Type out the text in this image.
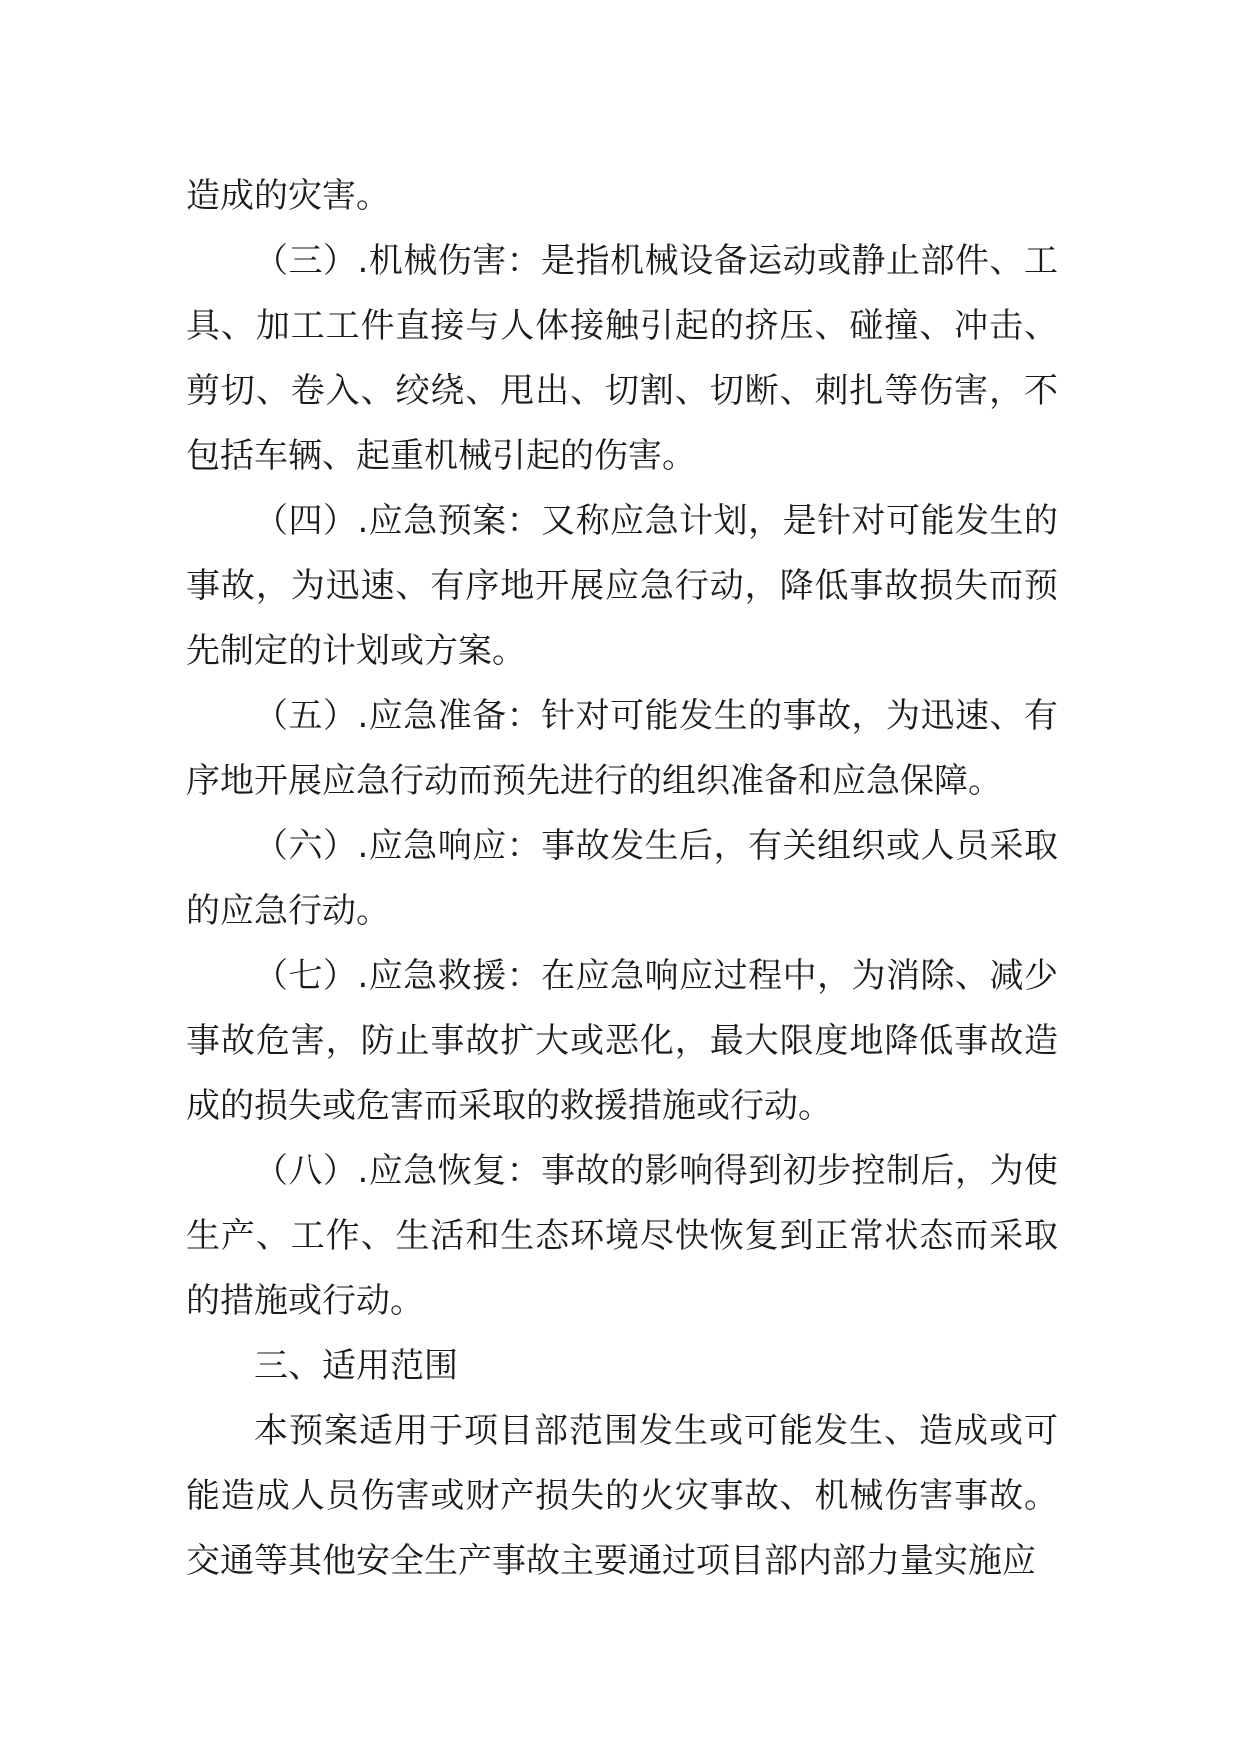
造成的灾害。

（三）.机械伤害：是指机械设备运动或静止部件、工具、加工工件直接与人体接触引起的挤压、碰撞、冲击、剪切、卷入、绞绕、甩出、切割、切断、刺扎等伤害，不包括车辆、起重机械引起的伤害。

（四）.应急预案：又称应急计划，是针对可能发生的事故，为迅速、有序地开展应急行动，降低事故损失而预先制定的计划或方案。

（五）.应急准备：针对可能发生的事故，为迅速、有序地开展应急行动而预先进行的组织准备和应急保障。

（六）.应急响应：事故发生后，有关组织或人员采取的应急行动。

（七）.应急救援：在应急响应过程中，为消除、减少事故危害，防止事故扩大或恶化，最大限度地降低事故造成的损失或危害而采取的救援措施或行动。

（八）.应急恢复：事故的影响得到初步控制后，为使生产、工作、生活和生态环境尽快恢复到正常状态而采取的措施或行动。

三、适用范围

本预案适用于项目部范围发生或可能发生、造成或可能造成人员伤害或财产损失的火灾事故、机械伤害事故。交通等其他安全生产事故主要通过项目部内部力量实施应
